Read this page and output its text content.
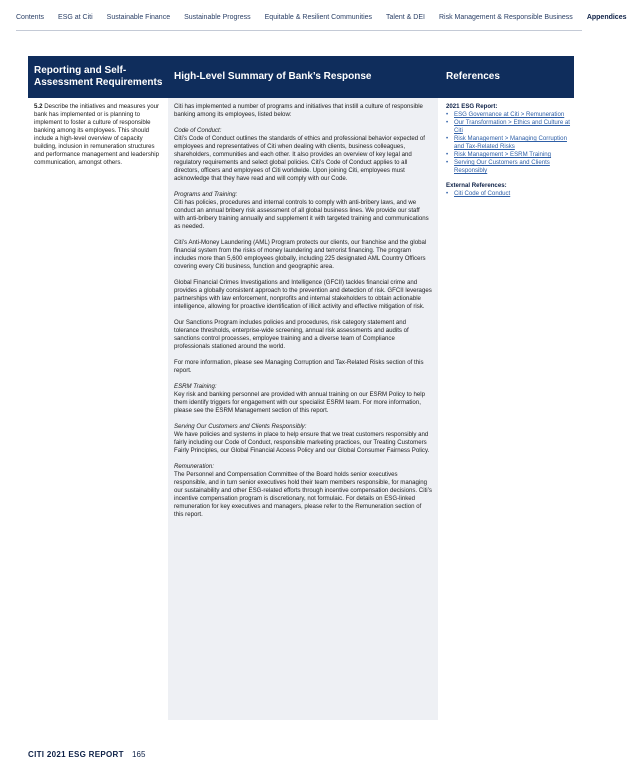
Contents ESG at Citi Sustainable Finance Sustainable Progress Equitable & Resilient Communities Talent & DEI Risk Management & Responsible Business Appendices
Reporting and Self-Assessment Requirements
High-Level Summary of Bank’s Response	References
5.2 Describe the initiatives and measures your bank has implemented or is planning to implement to foster a culture of responsible banking among its employees. This should include a high-level overview of capacity building, inclusion in remuneration structures and performance management and leadership communication, amongst others.

Citi has implemented a number of programs and initiatives that instill a culture of responsible banking among its employees, listed below:

Code of Conduct:
Citi’s Code of Conduct outlines the standards of ethics and professional behavior expected of employees and representatives of Citi when dealing with clients, business colleagues, shareholders, communities and each other. It also provides an overview of key legal and regulatory requirements and select global policies. Citi’s Code of Conduct applies to all directors, officers and employees of Citi worldwide. Upon joining Citi, employees must acknowledge that they have read and will comply with our Code.

Programs and Training:
Citi has policies, procedures and internal controls to comply with anti-bribery laws, and we conduct an annual bribery risk assessment of all global business lines. We provide our staff with anti-bribery training annually and supplement it with targeted training and communications as needed.

Citi’s Anti-Money Laundering (AML) Program protects our clients, our franchise and the global financial system from the risks of money laundering and terrorist financing. The program includes more than 5,600 employees globally, including 225 designated AML Country Officers covering every Citi business, function and geographic area.

Global Financial Crimes Investigations and Intelligence (GFCII) tackles financial crime and provides a globally consistent approach to the prevention and detection of risk. GFCII leverages partnerships with law enforcement, nonprofits and internal stakeholders to obtain actionable intelligence, allowing for proactive identification of illicit activity and effective mitigation of risk.

Our Sanctions Program includes policies and procedures, risk category statement and tolerance thresholds, enterprise-wide screening, annual risk assessments and audits of sanctions control processes, employee training and a diverse team of Compliance professionals stationed around the world.

For more information, please see Managing Corruption and Tax-Related Risks section of this report.

ESRM Training:
Key risk and banking personnel are provided with annual training on our ESRM Policy to help them identify triggers for engagement with our specialist ESRM team. For more information, please see the ESRM Management section of this report.

Serving Our Customers and Clients Responsibly:
We have policies and systems in place to help ensure that we treat customers responsibly and fairly including our Code of Conduct, responsible marketing practices, our Treating Customers Fairly Principles, our Global Financial Access Policy and our Global Consumer Fairness Policy.

Remuneration:
The Personnel and Compensation Committee of the Board holds senior executives responsible, and in turn senior executives hold their team members responsible, for managing our sustainability and other ESG-related efforts through incentive compensation decisions. Citi’s incentive compensation program is discretionary, not formulaic. For details on ESG-linked remuneration for key executives and managers, please refer to the Remuneration section of this report.

2021 ESG Report:
• ESG Governance at Citi > Remuneration
• Our Transformation > Ethics and Culture at Citi
• Risk Management > Managing Corruption and Tax-Related Risks
• Risk Management > ESRM Training
• Serving Our Customers and Clients Responsibly
External References:
• Citi Code of Conduct
CITI 2021 ESG REPORT 165
